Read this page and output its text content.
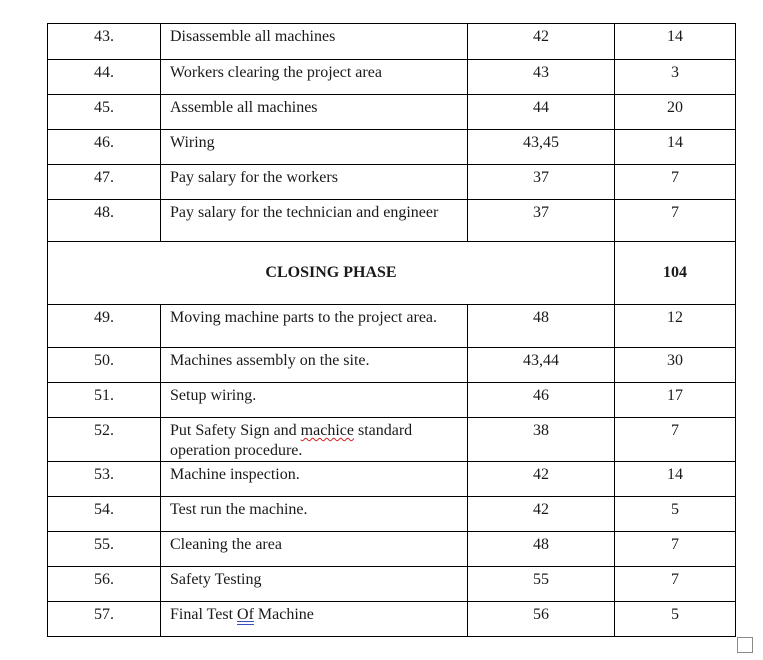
43.	Disassemble all machines	42	14
44.	Workers clearing the project area	43	3
45.	Assemble all machines	44	20
46.	Wiring	43,45	14
47.	Pay salary for the workers	37	7
48.	Pay salary for the technician and engineer	37	7
CLOSING PHASE			104
49.	Moving machine parts to the project area.	48	12
50.	Machines assembly on the site.	43,44	30
51.	Setup wiring.	46	17
52.	Put Safety Sign and machice standard operation procedure.	38	7
53.	Machine inspection.	42	14
54.	Test run the machine.	42	5
55.	Cleaning the area	48	7
56.	Safety Testing	55	7
57.	Final Test Of Machine	56	5
